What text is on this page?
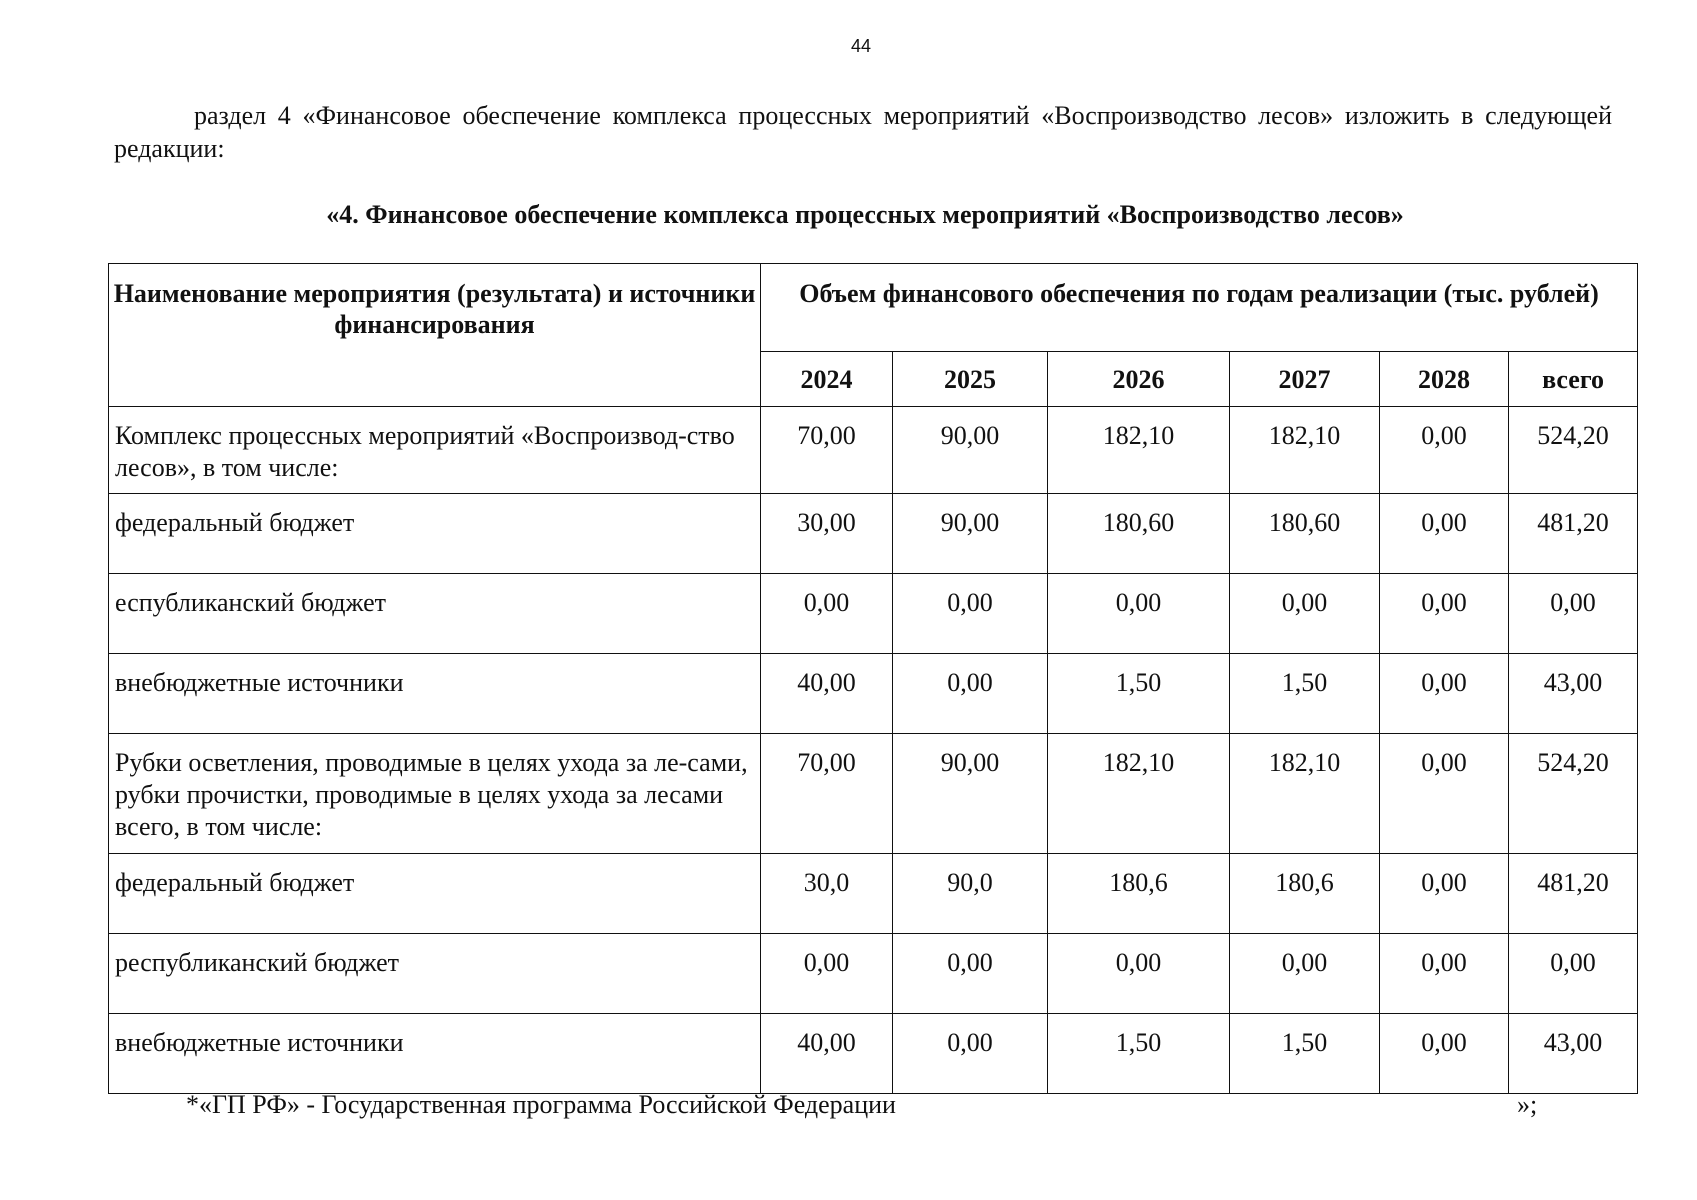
44

раздел 4 «Финансовое обеспечение комплекса процессных мероприятий «Воспроизводство лесов» изложить в следующей редакции:

«4. Финансовое обеспечение комплекса процессных мероприятий «Воспроизводство лесов»

Наименование мероприятия (результата) и источники финансирования	Объем финансового обеспечения по годам реализации (тыс. рублей)					
	2024	2025	2026	2027	2028	всего
Комплекс процессных мероприятий «Воспроизвод-ство лесов», в том числе:	70,00	90,00	182,10	182,10	0,00	524,20
федеральный бюджет	30,00	90,00	180,60	180,60	0,00	481,20
еспубликанский бюджет	0,00	0,00	0,00	0,00	0,00	0,00
внебюджетные источники	40,00	0,00	1,50	1,50	0,00	43,00
Рубки осветления, проводимые в целях ухода за ле-сами, рубки прочистки, проводимые в целях ухода за лесами всего, в том числе:	70,00	90,00	182,10	182,10	0,00	524,20
федеральный бюджет	30,0	90,0	180,6	180,6	0,00	481,20
республиканский бюджет	0,00	0,00	0,00	0,00	0,00	0,00
внебюджетные источники	40,00	0,00	1,50	1,50	0,00	43,00

*«ГП РФ» - Государственная программа Российской Федерации	»;
